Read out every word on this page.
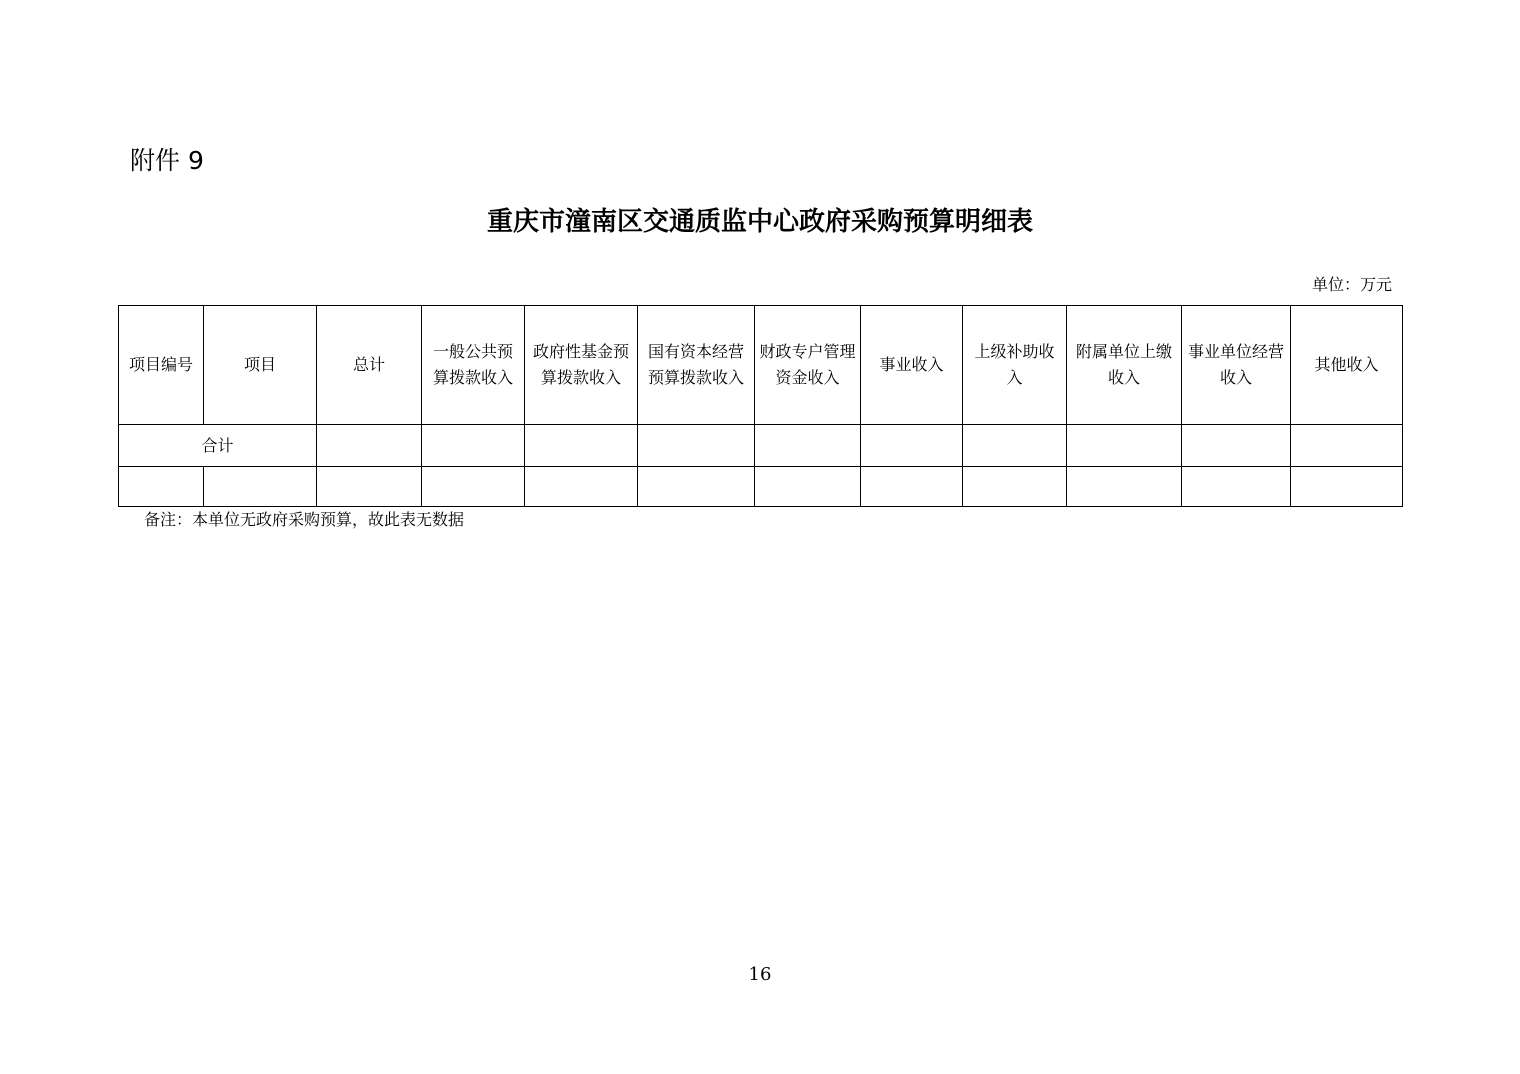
附件 9
重庆市潼南区交通质监中心政府采购预算明细表
单位：万元
项目编号	项目	总计	一般公共预算拨款收入	政府性基金预算拨款收入	国有资本经营预算拨款收入	财政专户管理资金收入	事业收入	上级补助收入	附属单位上缴收入	事业单位经营收入	其他收入
合计											

备注：本单位无政府采购预算，故此表无数据
16
